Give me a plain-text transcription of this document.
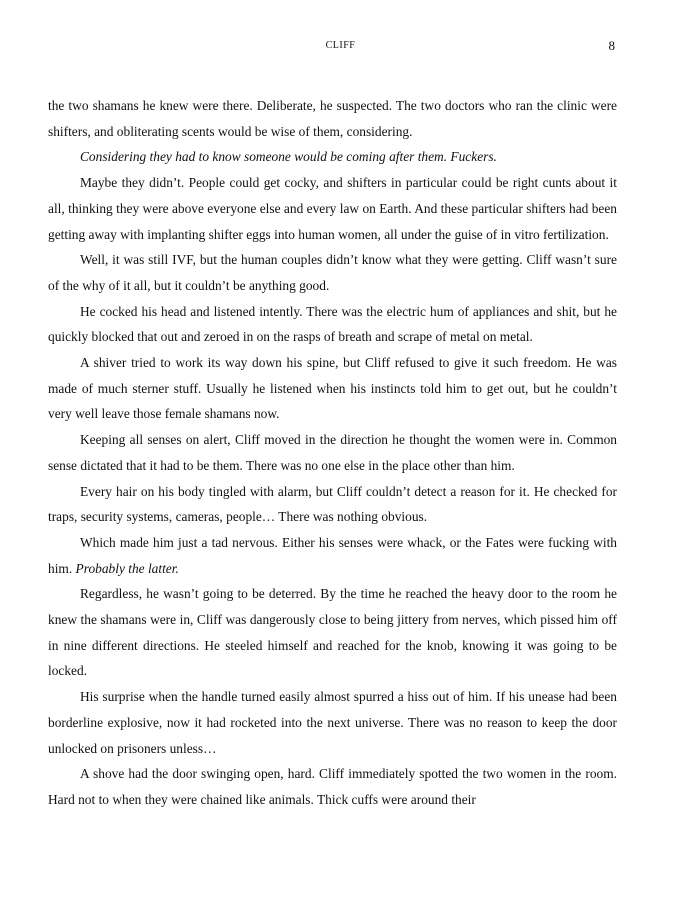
CLIFF	8

the two shamans he knew were there. Deliberate, he suspected. The two doctors who ran the clinic were shifters, and obliterating scents would be wise of them, considering.

Considering they had to know someone would be coming after them. Fuckers.

Maybe they didn’t. People could get cocky, and shifters in particular could be right cunts about it all, thinking they were above everyone else and every law on Earth. And these particular shifters had been getting away with implanting shifter eggs into human women, all under the guise of in vitro fertilization.

Well, it was still IVF, but the human couples didn’t know what they were getting. Cliff wasn’t sure of the why of it all, but it couldn’t be anything good.

He cocked his head and listened intently. There was the electric hum of appliances and shit, but he quickly blocked that out and zeroed in on the rasps of breath and scrape of metal on metal.

A shiver tried to work its way down his spine, but Cliff refused to give it such freedom. He was made of much sterner stuff. Usually he listened when his instincts told him to get out, but he couldn’t very well leave those female shamans now.

Keeping all senses on alert, Cliff moved in the direction he thought the women were in. Common sense dictated that it had to be them. There was no one else in the place other than him.

Every hair on his body tingled with alarm, but Cliff couldn’t detect a reason for it. He checked for traps, security systems, cameras, people… There was nothing obvious.

Which made him just a tad nervous. Either his senses were whack, or the Fates were fucking with him. Probably the latter.

Regardless, he wasn’t going to be deterred. By the time he reached the heavy door to the room he knew the shamans were in, Cliff was dangerously close to being jittery from nerves, which pissed him off in nine different directions. He steeled himself and reached for the knob, knowing it was going to be locked.

His surprise when the handle turned easily almost spurred a hiss out of him. If his unease had been borderline explosive, now it had rocketed into the next universe. There was no reason to keep the door unlocked on prisoners unless…

A shove had the door swinging open, hard. Cliff immediately spotted the two women in the room. Hard not to when they were chained like animals. Thick cuffs were around their
